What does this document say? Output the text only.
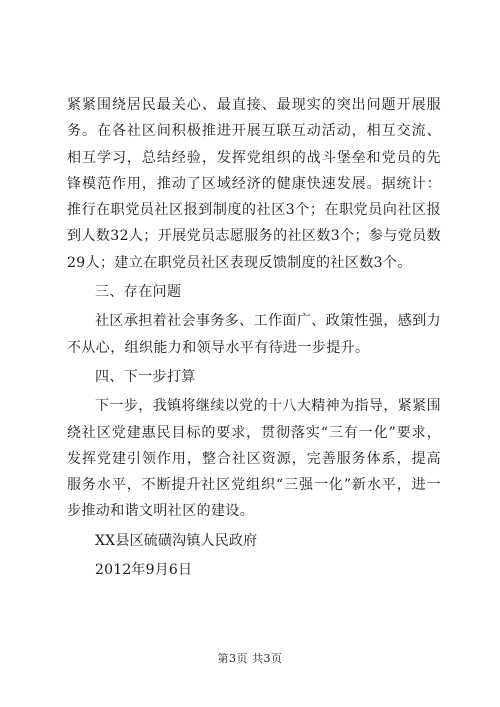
紧紧围绕居民最关心、最直接、最现实的突出问题开展服务。在各社区间积极推进开展互联互动活动，相互交流、相互学习，总结经验，发挥党组织的战斗堡垒和党员的先锋模范作用，推动了区域经济的健康快速发展。据统计：推行在职党员社区报到制度的社区3个；在职党员向社区报到人数32人；开展党员志愿服务的社区数3个；参与党员数29人；建立在职党员社区表现反馈制度的社区数3个。

三、存在问题

社区承担着社会事务多、工作面广、政策性强，感到力不从心，组织能力和领导水平有待进一步提升。

四、下一步打算

下一步，我镇将继续以党的十八大精神为指导，紧紧围绕社区党建惠民目标的要求，贯彻落实“三有一化”要求，发挥党建引领作用，整合社区资源，完善服务体系，提高服务水平，不断提升社区党组织“三强一化”新水平，进一步推动和谐文明社区的建设。

XX县区硫磺沟镇人民政府

2012年9月6日

第3页 共3页
